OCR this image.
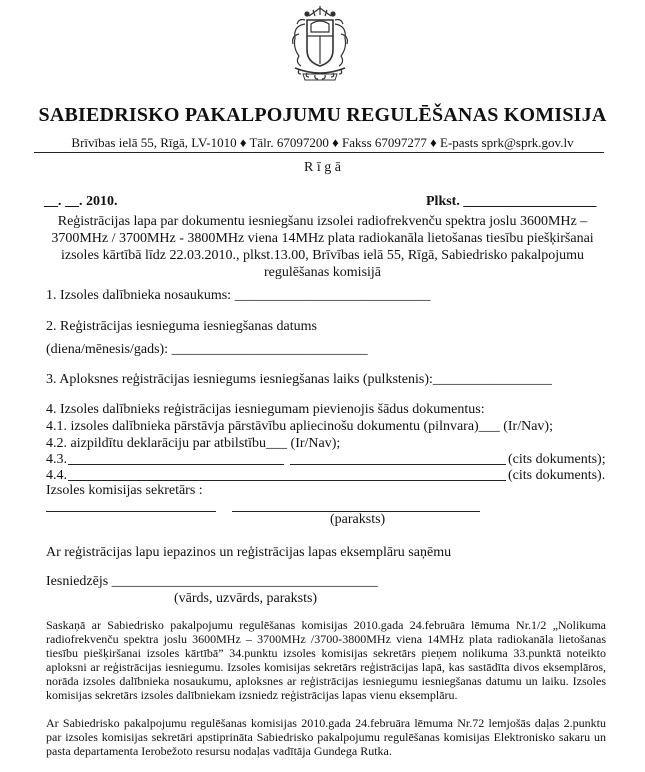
SABIEDRISKO PAKALPOJUMU REGULĒŠANAS KOMISIJA
Brīvības ielā 55, Rīgā, LV-1010 ♦ Tālr. 67097200 ♦ Fakss 67097277 ♦ E-pasts sprk@sprk.gov.lv
R ī g ā
__. __. 2010.	Plkst. ___________________
Reģistrācijas lapa par dokumentu iesniegšanu izsolei radiofrekvenču spektra joslu 3600MHz –
3700MHz / 3700MHz - 3800MHz viena 14MHz plata radiokanāla lietošanas tiesību piešķiršanai
izsoles kārtībā līdz 22.03.2010., plkst.13.00, Brīvības ielā 55, Rīgā, Sabiedrisko pakalpojumu
regulēšanas komisijā
1. Izsoles dalībnieka nosaukums: ____________________________
2. Reģistrācijas iesnieguma iesniegšanas datums
(diena/mēnesis/gads): ____________________________
3. Aploksnes reģistrācijas iesniegums iesniegšanas laiks (pulkstenis):_________________
4. Izsoles dalībnieks reģistrācijas iesniegumam pievienojis šādus dokumentus:
4.1. izsoles dalībnieka pārstāvja pārstāvību apliecinošu dokumentu (pilnvara)___ (Ir/Nav);
4.2. aizpildītu deklarāciju par atbilstību___ (Ir/Nav);
4.3.	(cits dokuments);
4.4.	(cits dokuments).
Izsoles komisijas sekretārs :
(paraksts)
Ar reģistrācijas lapu iepazinos un reģistrācijas lapas eksemplāru saņēmu
Iesniedzējs ______________________________________
(vārds, uzvārds, paraksts)
Saskaņā ar Sabiedrisko pakalpojumu regulēšanas komisijas 2010.gada 24.februāra lēmuma Nr.1/2 „Nolikuma radiofrekvenču spektra joslu 3600MHz – 3700MHz /3700-3800MHz viena 14MHz plata radiokanāla lietošanas tiesību piešķiršanai izsoles kārtībā” 34.punktu izsoles komisijas sekretārs pieņem nolikuma 33.punktā noteikto aploksni ar reģistrācijas iesniegumu. Izsoles komisijas sekretārs reģistrācijas lapā, kas sastādīta divos eksemplāros, norāda izsoles dalībnieka nosaukumu, aploksnes ar reģistrācijas iesniegumu iesniegšanas datumu un laiku. Izsoles komisijas sekretārs izsoles dalībniekam izsniedz reģistrācijas lapas vienu eksemplāru.
Ar Sabiedrisko pakalpojumu regulēšanas komisijas 2010.gada 24.februāra lēmuma Nr.72 lemjošās daļas 2.punktu par izsoles komisijas sekretāri apstiprināta Sabiedrisko pakalpojumu regulēšanas komisijas Elektronisko sakaru un pasta departamenta Ierobežoto resursu nodaļas vadītāja Gundega Rutka.
